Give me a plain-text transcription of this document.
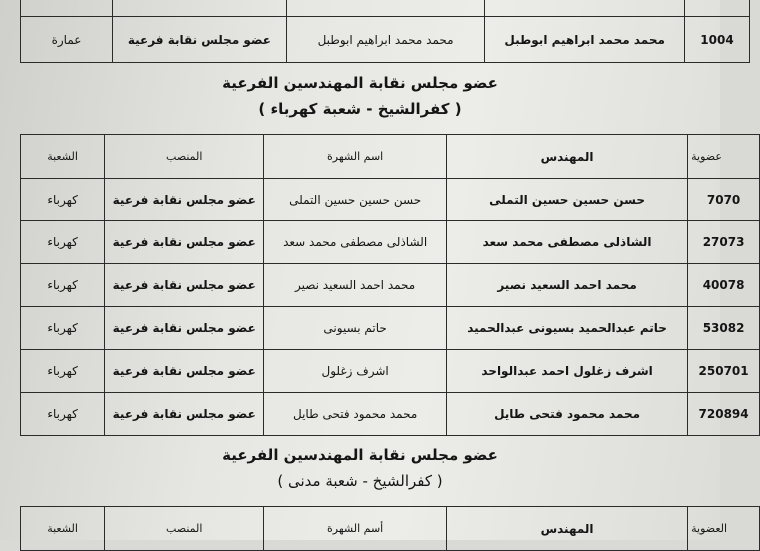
1004	محمد محمد ابراهيم ابوطبل	محمد محمد ابراهيم ابوطبل	عضو مجلس نقابة فرعية	عمارة
عضو مجلس نقابة المهندسين الفرعية
( كفرالشيخ - شعبة كهرباء )
عضوية	المهندس	اسم الشهرة	المنصب	الشعبة
7070	حسن حسين حسين التملى	حسن حسين حسين التملى	عضو مجلس نقابة فرعية	كهرباء
27073	الشاذلى مصطفى محمد سعد	الشاذلى مصطفى محمد سعد	عضو مجلس نقابة فرعية	كهرباء
40078	محمد احمد السعيد نصير	محمد احمد السعيد نصير	عضو مجلس نقابة فرعية	كهرباء
53082	حاتم عبدالحميد بسيونى عبدالحميد	حاتم بسيونى	عضو مجلس نقابة فرعية	كهرباء
250701	اشرف زغلول احمد عبدالواحد	اشرف زغلول	عضو مجلس نقابة فرعية	كهرباء
720894	محمد محمود فتحى طايل	محمد محمود فتحى طايل	عضو مجلس نقابة فرعية	كهرباء
عضو مجلس نقابة المهندسين الفرعية
( كفرالشيخ - شعبة مدنى )
العضوية	المهندس	أسم الشهرة	المنصب	الشعبة
